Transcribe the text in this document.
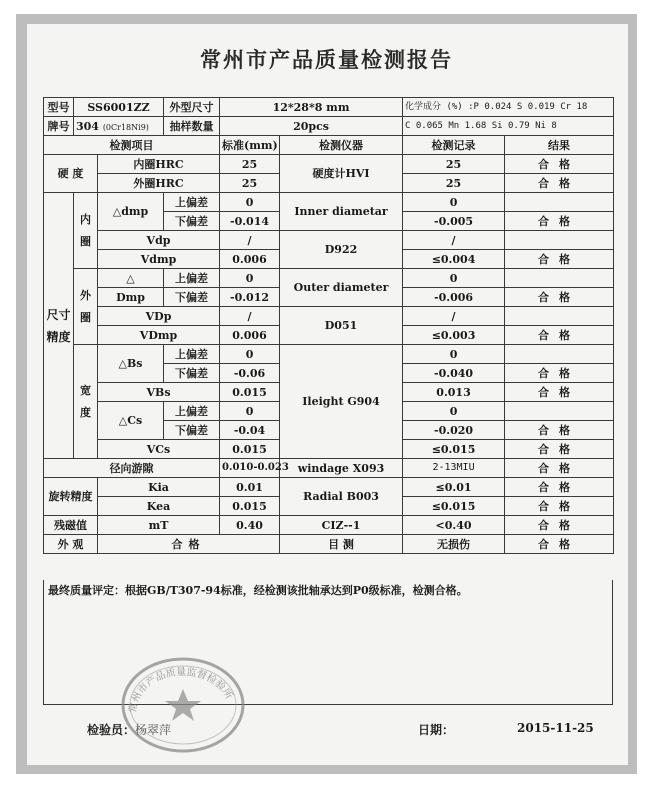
常州市产品质量检测报告
型号	SS6001ZZ		外型尺寸	12*28*8 mm		化学成分 (%) :P 0.024 S 0.019 Cr 18	
牌号	304 (0Cr18Ni9)		抽样数量	20pcs		C 0.065 Mn 1.68 Si 0.79 Ni 8	
检测项目				标准(mm)	检测仪器	检测记录	结果
硬 度		内圈HRC		25	硬度计HVI	25	合格
		外圈HRC		25		25	合格
尺寸精度	内圈	△dmp	上偏差	0	Inner diametar	0	
			下偏差	-0.014		-0.005	合格
		Vdp		/	D922	/	
		Vdmp		0.006		≤0.004	合格
	外圈	△	上偏差	0	Outer diameter	0	
		Dmp	下偏差	-0.012		-0.006	合格
		VDp		/	D051	/	
		VDmp		0.006		≤0.003	合格
	宽度	△Bs	上偏差	0	Ileight G904	0	
			下偏差	-0.06		-0.040	合格
		VBs		0.015		0.013	合格
		△Cs	上偏差	0		0	
			下偏差	-0.04		-0.020	合格
		VCs		0.015		≤0.015	合格
径向游隙				0.010-0.023	windage X093	2-13MIU	合格
旋转精度		Kia		0.01	Radial B003	≤0.01	合格
		Kea		0.015		≤0.015	合格
残磁值		mT		0.40	CIZ--1	<0.40	合格
外 观		合格			目 测	无损伤	合格
最终质量评定：根据GB/T307-94标准，经检测该批轴承达到P0级标准，检测合格。
常州市产品质量监督检验所
检验员：杨翠萍	日期：	2015-11-25
